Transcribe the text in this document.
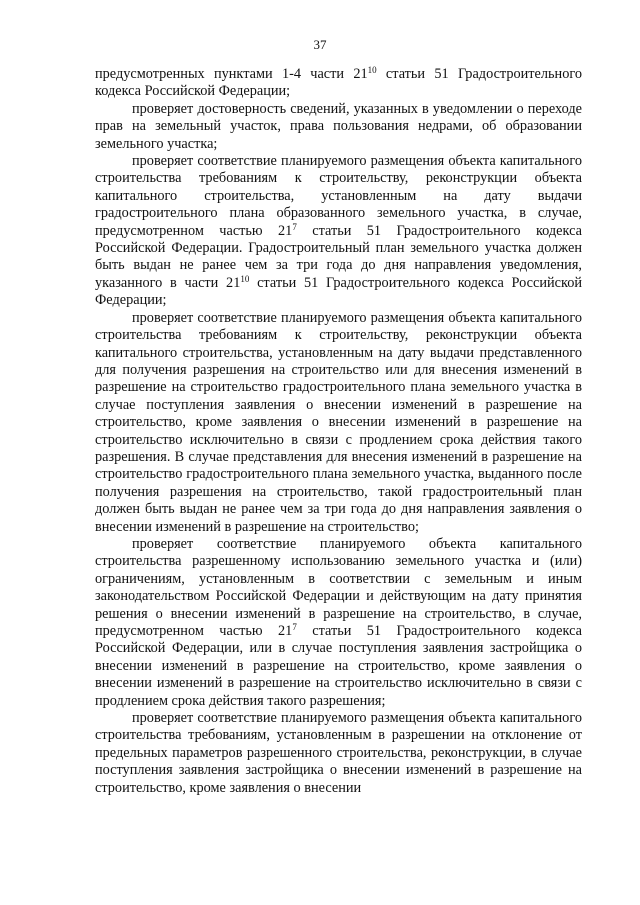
37

предусмотренных пунктами 1-4 части $21^{10}$ статьи 51 Градостроительного кодекса Российской Федерации;

проверяет достоверность сведений, указанных в уведомлении о переходе прав на земельный участок, права пользования недрами, об образовании земельного участка;

проверяет соответствие планируемого размещения объекта капитального строительства требованиям к строительству, реконструкции объекта капитального строительства, установленным на дату выдачи градостроительного плана образованного земельного участка, в случае, предусмотренном частью $21^7$ статьи 51 Градостроительного кодекса Российской Федерации. Градостроительный план земельного участка должен быть выдан не ранее чем за три года до дня направления уведомления, указанного в части $21^{10}$ статьи 51 Градостроительного кодекса Российской Федерации;

проверяет соответствие планируемого размещения объекта капитального строительства требованиям к строительству, реконструкции объекта капитального строительства, установленным на дату выдачи представленного для получения разрешения на строительство или для внесения изменений в разрешение на строительство градостроительного плана земельного участка в случае поступления заявления о внесении изменений в разрешение на строительство, кроме заявления о внесении изменений в разрешение на строительство исключительно в связи с продлением срока действия такого разрешения. В случае представления для внесения изменений в разрешение на строительство градостроительного плана земельного участка, выданного после получения разрешения на строительство, такой градостроительный план должен быть выдан не ранее чем за три года до дня направления заявления о внесении изменений в разрешение на строительство;

проверяет соответствие планируемого объекта капитального строительства разрешенному использованию земельного участка и (или) ограничениям, установленным в соответствии с земельным и иным законодательством Российской Федерации и действующим на дату принятия решения о внесении изменений в разрешение на строительство, в случае, предусмотренном частью $21^7$ статьи 51 Градостроительного кодекса Российской Федерации, или в случае поступления заявления застройщика о внесении изменений в разрешение на строительство, кроме заявления о внесении изменений в разрешение на строительство исключительно в связи с продлением срока действия такого разрешения;

проверяет соответствие планируемого размещения объекта капитального строительства требованиям, установленным в разрешении на отклонение от предельных параметров разрешенного строительства, реконструкции, в случае поступления заявления застройщика о внесении изменений в разрешение на строительство, кроме заявления о внесении
